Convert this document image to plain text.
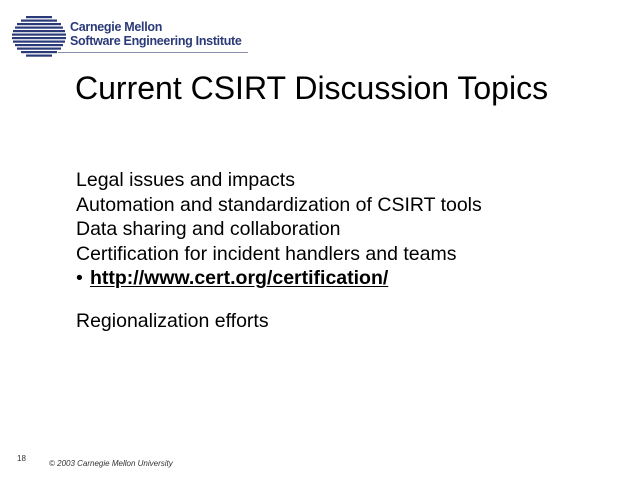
Carnegie Mellon
Software Engineering Institute
Current CSIRT Discussion Topics
Legal issues and impacts
Automation and standardization of CSIRT tools
Data sharing and collaboration
Certification for incident handlers and teams
• http://www.cert.org/certification/
Regionalization efforts
18
© 2003 Carnegie Mellon University
